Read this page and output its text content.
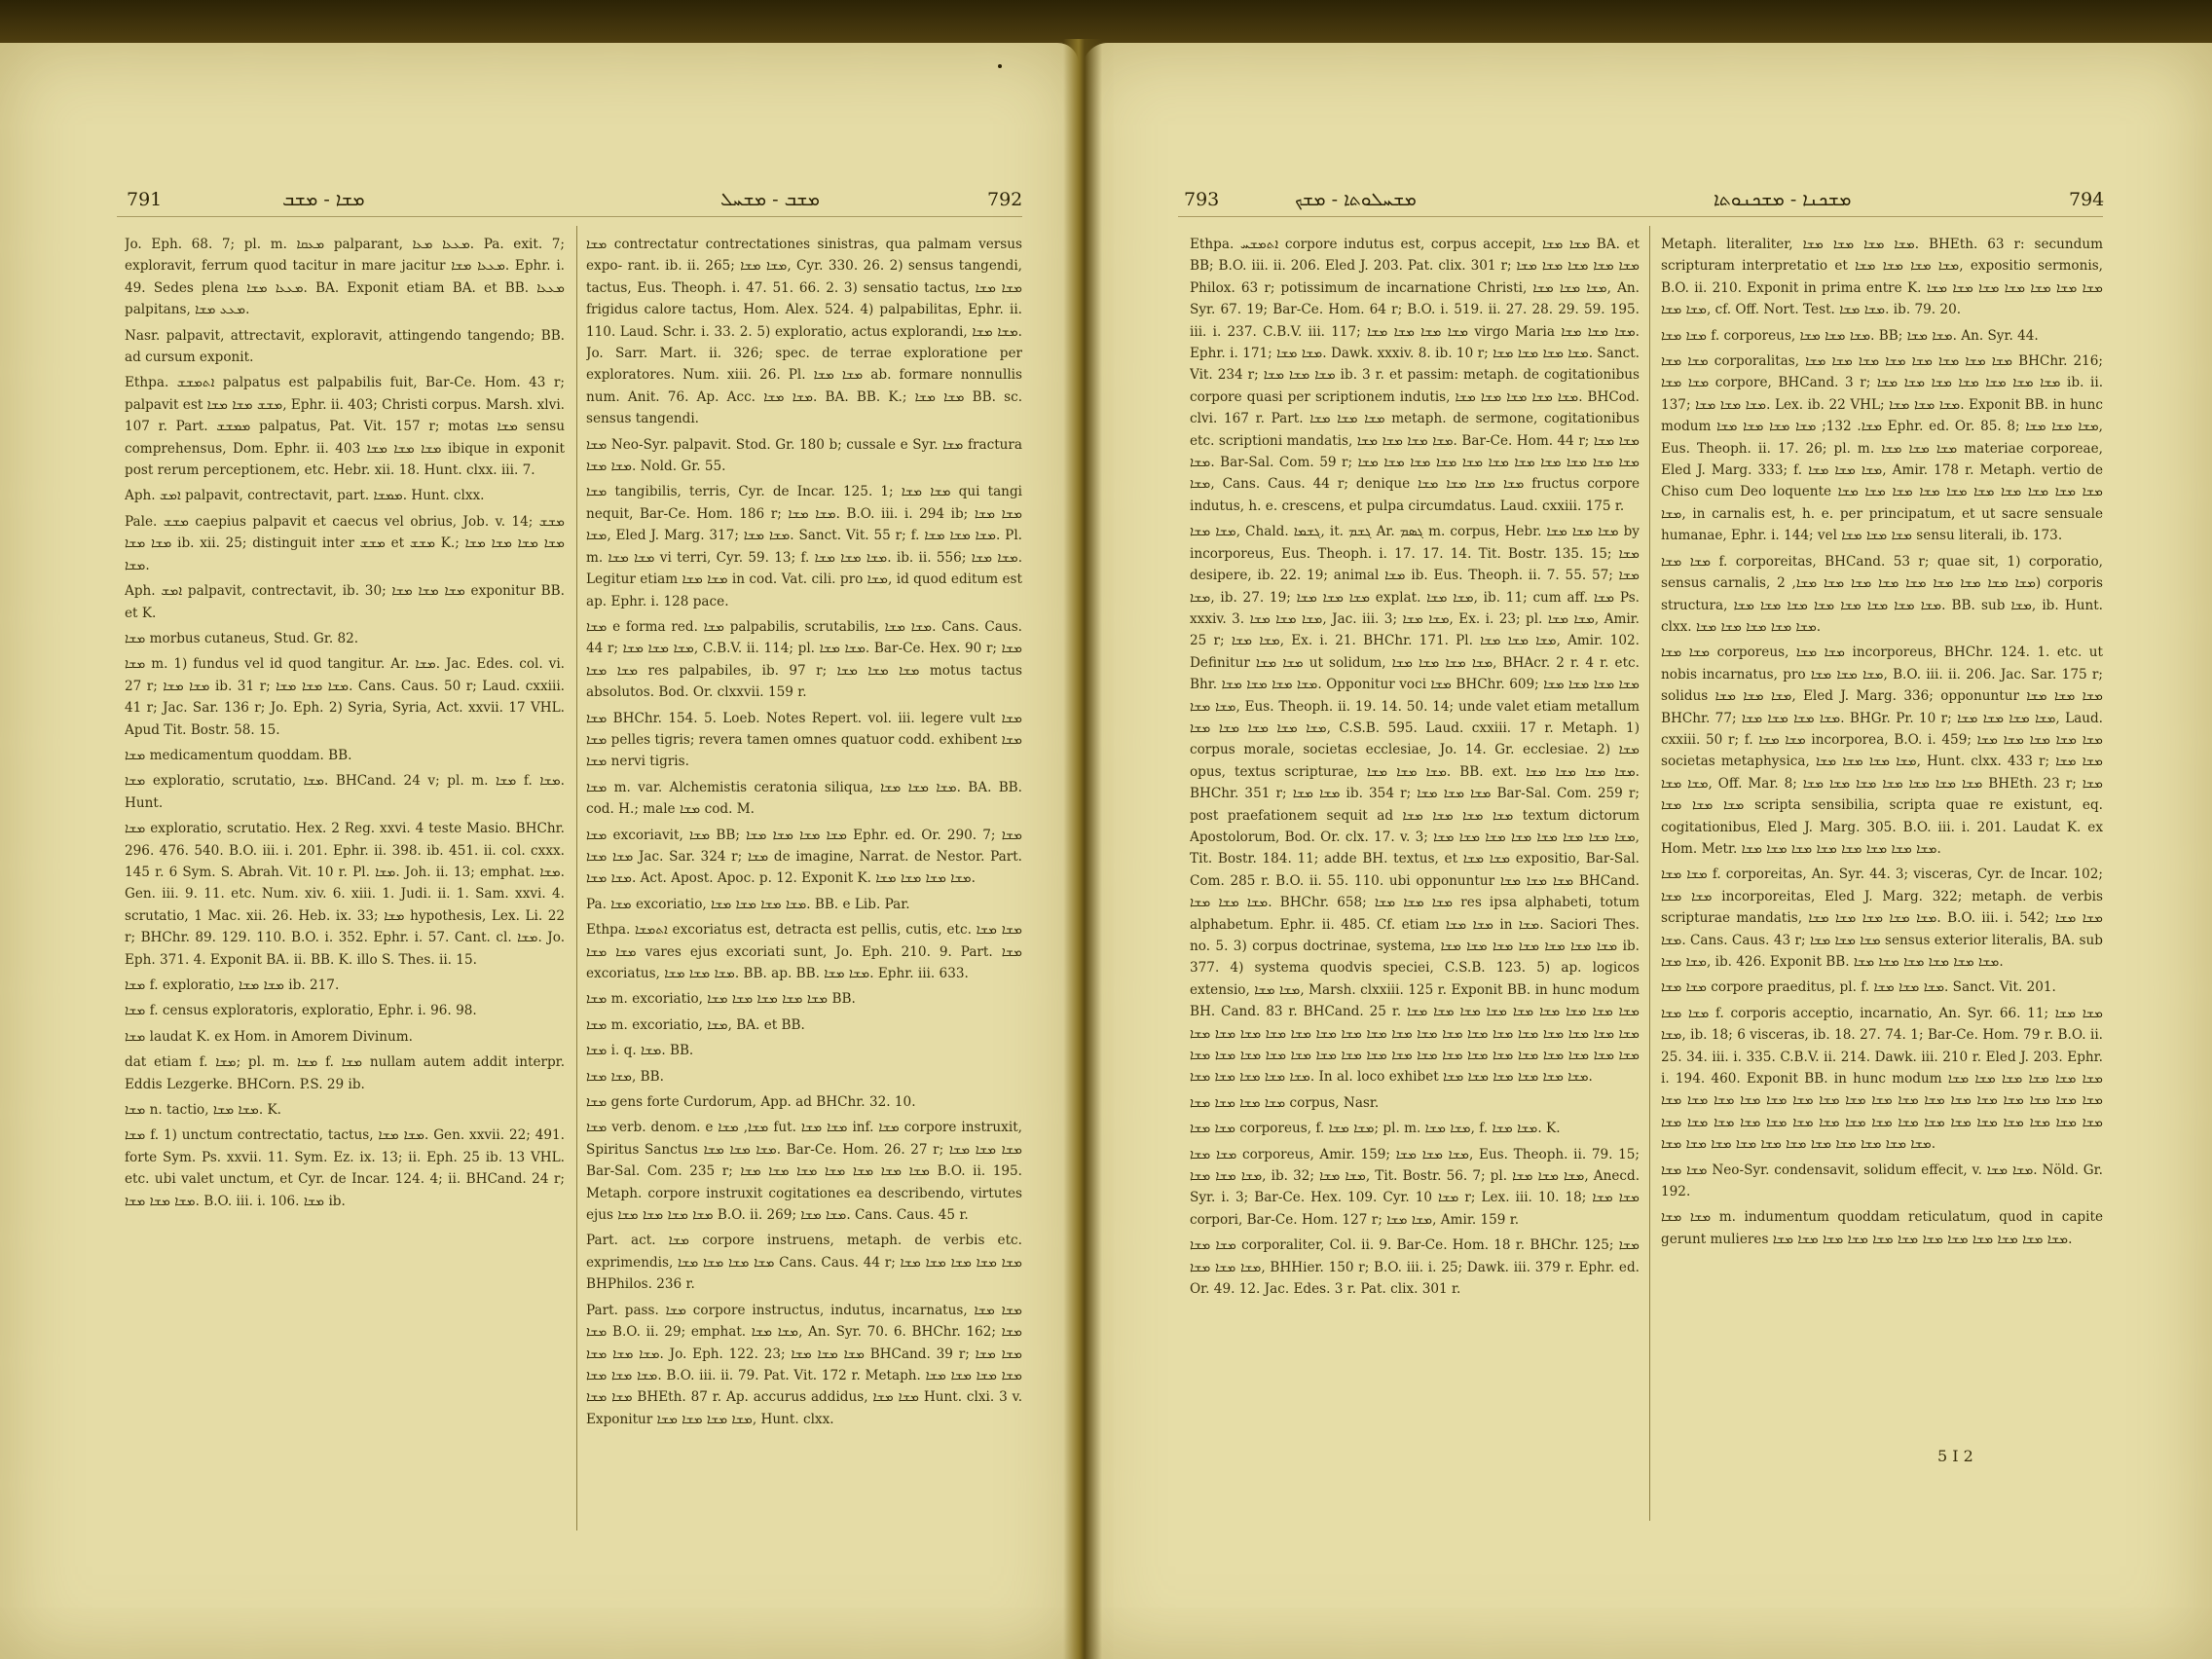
791	ܡܫܐ - ܡܫܒ	ܡܫܒ - ܡܫܚܠ	792	793	ܡܫܚܠܘܬܐ - ܡܫܟ	ܡܫܟܢܐ - ܡܫܟܢܘܬܐ	794

Jo. Eph. 68. 7; pl. m. ܡܥܩܐ palparant, ܡܥܥܐ ܡܥܐ. Pa. exit. 7; exploravit, ferrum quod tacitur in mare jacitur ܡܥܥܐ ܡܫܐ. Ephr. i. 49. Sedes plena ܡܥܥܐ ܡܫܐ. BA. Exponit etiam BA. et BB. ܡܥܥܐ palpitans, ܡܥܥ ܡܫܐ.

Nasr. palpavit, attrectavit, exploravit, attingendo tangendo; BB. ad cursum exponit.

Ethpa. ܐܬܡܫܫ palpatus est palpabilis fuit, Bar-Ce. Hom. 43 r; palpavit est ܡܫܫ ܡܫܐ ܡܫܐ, Ephr. ii. 403; Christi corpus. Marsh. xlvi. 107 r. Part. ܡܡܫܫ palpatus, Pat. Vit. 157 r; motas ܡܫܐ sensu comprehensus, Dom. Ephr. ii. 403 ܡܫܐ ܡܫܐ ܡܫܐ ibique in exponit post rerum perceptionem, etc. Hebr. xii. 18. Hunt. clxx. iii. 7.

Aph. ܐܡܫ palpavit, contrectavit, part. ܡܡܫܐ. Hunt. clxx.

Pale. ܡܫܫ caepius palpavit et caecus vel obrius, Job. v. 14; ܡܫܫ ܡܫܐ ܡܫܐ ib. xii. 25; distinguit inter ܡܫܫ et ܡܫܫ K.; ܡܫܐ ܡܫܐ ܡܫܐ ܡܫܐ ܡܫܐ.

Aph. ܐܡܫ palpavit, contrectavit, ib. 30; ܡܫܐ ܡܫܐ ܡܫܐ exponitur BB. et K.

ܡܫܐ morbus cutaneus, Stud. Gr. 82.

ܡܫܐ m. 1) fundus vel id quod tangitur. Ar. ܡܫܐ. Jac. Edes. col. vi. 27 r; ܡܫܐ ܡܫܐ ib. 31 r; ܡܫܐ ܡܫܐ ܡܫܐ. Cans. Caus. 50 r; Laud. cxxiii. 41 r; Jac. Sar. 136 r; Jo. Eph. 2) Syria, Syria, Act. xxvii. 17 VHL. Apud Tit. Bostr. 58. 15.

ܡܫܐ medicamentum quoddam. BB.

ܡܫܐ exploratio, scrutatio, ܡܫܐ. BHCand. 24 v; pl. m. ܡܫܐ f. ܡܫܐ. Hunt.

ܡܫܐ exploratio, scrutatio. Hex. 2 Reg. xxvi. 4 teste Masio. BHChr. 296. 476. 540. B.O. iii. i. 201. Ephr. ii. 398. ib. 451. ii. col. cxxx. 145 r. 6 Sym. S. Abrah. Vit. 10 r. Pl. ܡܫܐ. Joh. ii. 13; emphat. ܡܫܐ. Gen. iii. 9. 11. etc. Num. xiv. 6. xiii. 1. Judi. ii. 1. Sam. xxvi. 4. scrutatio, 1 Mac. xii. 26. Heb. ix. 33; ܡܫܐ hypothesis, Lex. Li. 22 r; BHChr. 89. 129. 110. B.O. i. 352. Ephr. i. 57. Cant. cl. ܡܫܐ. Jo. Eph. 371. 4. Exponit BA. ii. BB. K. illo S. Thes. ii. 15.

ܡܫܐ f. exploratio, ܡܫܐ ܡܫܐ ib. 217.

ܡܫܐ f. census exploratoris, exploratio, Ephr. i. 96. 98.

ܡܫܐ laudat K. ex Hom. in Amorem Divinum.

dat etiam f. ܡܫܐ; pl. m. ܡܫܐ f. ܡܫܐ nullam autem addit interpr. Eddis Lezgerke. BHCorn. P.S. 29 ib.

ܡܫܐ n. tactio, ܡܫܐ ܡܫܐ. K.

ܡܫܐ f. 1) unctum contrectatio, tactus, ܡܫܐ ܡܫܐ. Gen. xxvii. 22; 491. forte Sym. Ps. xxvii. 11. Sym. Ez. ix. 13; ii. Eph. 25 ib. 13 VHL. etc. ubi valet unctum, et Cyr. de Incar. 124. 4; ii. BHCand. 24 r; ܡܫܐ ܡܫܐ ܡܫܐ. B.O. iii. i. 106. ܡܫܐ ib.

ܡܫܐ contrectatur contrectationes sinistras, qua palmam versus expo- rant. ib. ii. 265; ܡܫܐ ܡܫܐ, Cyr. 330. 26. 2) sensus tangendi, tactus, Eus. Theoph. i. 47. 51. 66. 2. 3) sensatio tactus, ܡܫܐ ܡܫܐ frigidus calore tactus, Hom. Alex. 524. 4) palpabilitas, Ephr. ii. 110. Laud. Schr. i. 33. 2. 5) exploratio, actus explorandi, ܡܫܐ ܡܫܐ. Jo. Sarr. Mart. ii. 326; spec. de terrae exploratione per exploratores. Num. xiii. 26. Pl. ܡܫܐ ܡܫܐ ab. formare nonnullis num. Anit. 76. Ap. Acc. ܡܫܐ ܡܫܐ. BA. BB. K.; ܡܫܐ ܡܫܐ BB. sc. sensus tangendi.

ܡܫܐ Neo-Syr. palpavit. Stod. Gr. 180 b; cussale e Syr. ܡܫܐ fractura ܡܫܐ ܡܫܐ. Nold. Gr. 55.

ܡܫܐ tangibilis, terris, Cyr. de Incar. 125. 1; ܡܫܐ ܡܫܐ qui tangi nequit, Bar-Ce. Hom. 186 r; ܡܫܐ ܡܫܐ. B.O. iii. i. 294 ib; ܡܫܐ ܡܫܐ ܡܫܐ, Eled J. Marg. 317; ܡܫܐ ܡܫܐ. Sanct. Vit. 55 r; f. ܡܫܐ ܡܫܐ ܡܫܐ. Pl. m. ܡܫܐ ܡܫܐ vi terri, Cyr. 59. 13; f. ܡܫܐ ܡܫܐ ܡܫܐ. ib. ii. 556; ܡܫܐ ܡܫܐ. Legitur etiam ܡܫܐ ܡܫܐ in cod. Vat. cili. pro ܡܫܐ, id quod editum est ap. Ephr. i. 128 pace.

ܡܫܐ e forma red. ܡܫܐ palpabilis, scrutabilis, ܡܫܐ ܡܫܐ. Cans. Caus. 44 r; ܡܫܐ ܡܫܐ ܡܫܐ, C.B.V. ii. 114; pl. ܡܫܐ ܡܫܐ. Bar-Ce. Hex. 90 r; ܡܫܐ ܡܫܐ ܡܫܐ res palpabiles, ib. 97 r; ܡܫܐ ܡܫܐ ܡܫܐ motus tactus absolutos. Bod. Or. clxxvii. 159 r.

ܡܫܐ BHChr. 154. 5. Loeb. Notes Repert. vol. iii. legere vult ܡܫܐ ܡܫܐ pelles tigris; revera tamen omnes quatuor codd. exhibent ܡܫܐ ܡܫܐ nervi tigris.

ܡܫܐ m. var. Alchemistis ceratonia siliqua, ܡܫܐ ܡܫܐ ܡܫܐ. BA. BB. cod. H.; male ܡܫܐ cod. M.

ܡܫܐ excoriavit, ܡܫܐ BB; ܡܫܐ ܡܫܐ ܡܫܐ ܡܫܐ Ephr. ed. Or. 290. 7; ܡܫܐ ܡܫܐ ܡܫܐ Jac. Sar. 324 r; ܡܫܐ de imagine, Narrat. de Nestor. Part. ܡܫܐ ܡܫܐ. Act. Apost. Apoc. p. 12. Exponit K. ܡܫܐ ܡܫܐ ܡܫܐ ܡܫܐ.

Pa. ܡܫܐ excoriatio, ܡܫܐ ܡܫܐ ܡܫܐ ܡܫܐ. BB. e Lib. Par.

Ethpa. ܐܬܡܫܐ excoriatus est, detracta est pellis, cutis, etc. ܡܫܐ ܡܫܐ ܡܫܐ ܡܫܐ vares ejus excoriati sunt, Jo. Eph. 210. 9. Part. ܡܫܐ excoriatus, ܡܫܐ ܡܫܐ ܡܫܐ. BB. ap. BB. ܡܫܐ ܡܫܐ. Ephr. iii. 633.

ܡܫܐ m. excoriatio, ܡܫܐ ܡܫܐ ܡܫܐ ܡܫܐ ܡܫܐ BB.

ܡܫܐ m. excoriatio, ܡܫܐ, BA. et BB.

ܡܫܐ i. q. ܡܫܐ. BB.

ܡܫܐ ܡܫܐ, BB.

ܡܫܐ gens forte Curdorum, App. ad BHChr. 32. 10.

ܡܫܐ verb. denom. e ܡܫܐ, ܡܫܐ fut. ܡܫܐ ܡܫܐ inf. ܡܫܐ corpore instruxit, Spiritus Sanctus ܡܫܐ ܡܫܐ ܡܫܐ. Bar-Ce. Hom. 26. 27 r; ܡܫܐ ܡܫܐ ܡܫܐ Bar-Sal. Com. 235 r; ܡܫܐ ܡܫܐ ܡܫܐ ܡܫܐ ܡܫܐ ܡܫܐ ܡܫܐ B.O. ii. 195. Metaph. corpore instruxit cogitationes ea describendo, virtutes ejus ܡܫܐ ܡܫܐ ܡܫܐ ܡܫܐ B.O. ii. 269; ܡܫܐ ܡܫܐ. Cans. Caus. 45 r.

Part. act. ܡܫܐ corpore instruens, metaph. de verbis etc. exprimendis, ܡܫܐ ܡܫܐ ܡܫܐ ܡܫܐ Cans. Caus. 44 r; ܡܫܐ ܡܫܐ ܡܫܐ ܡܫܐ ܡܫܐ BHPhilos. 236 r.

Part. pass. ܡܫܐ corpore instructus, indutus, incarnatus, ܡܫܐ ܡܫܐ ܡܫܐ B.O. ii. 29; emphat. ܡܫܐ ܡܫܐ, An. Syr. 70. 6. BHChr. 162; ܡܫܐ ܡܫܐ ܡܫܐ ܡܫܐ. Jo. Eph. 122. 23; ܡܫܐ ܡܫܐ ܡܫܐ BHCand. 39 r; ܡܫܐ ܡܫܐ ܡܫܐ ܡܫܐ ܡܫܐ. B.O. iii. ii. 79. Pat. Vit. 172 r. Metaph. ܡܫܐ ܡܫܐ ܡܫܐ ܡܫܐ ܡܫܐ ܡܫܐ BHEth. 87 r. Ap. accurus addidus, ܡܫܐ ܡܫܐ Hunt. clxi. 3 v. Exponitur ܡܫܐ ܡܫܐ ܡܫܐ ܡܫܐ, Hunt. clxx.

Ethpa. ܐܬܡܫܚ corpore indutus est, corpus accepit, ܡܫܐ ܡܫܐ BA. et BB; B.O. iii. ii. 206. Eled J. 203. Pat. clix. 301 r; ܡܫܐ ܡܫܐ ܡܫܐ ܡܫܐ ܡܫܐ Philox. 63 r; potissimum de incarnatione Christi, ܡܫܐ ܡܫܐ ܡܫܐ, An. Syr. 67. 19; Bar-Ce. Hom. 64 r; B.O. i. 519. ii. 27. 28. 29. 59. 195. iii. i. 237. C.B.V. iii. 117; ܡܫܐ ܡܫܐ ܡܫܐ ܡܫܐ virgo Maria ܡܫܐ ܡܫܐ ܡܫܐ. Ephr. i. 171; ܡܫܐ ܡܫܐ. Dawk. xxxiv. 8. ib. 10 r; ܡܫܐ ܡܫܐ ܡܫܐ ܡܫܐ. Sanct. Vit. 234 r; ܡܫܐ ܡܫܐ ܡܫܐ ib. 3 r. et passim: metaph. de cogitationibus corpore quasi per scriptionem indutis, ܡܫܐ ܡܫܐ ܡܫܐ ܡܫܐ ܡܫܐ. BHCod. clvi. 167 r. Part. ܡܫܐ ܡܫܐ ܡܫܐ metaph. de sermone, cogitationibus etc. scriptioni mandatis, ܡܫܐ ܡܫܐ ܡܫܐ ܡܫܐ. Bar-Ce. Hom. 44 r; ܡܫܐ ܡܫܐ ܡܫܐ. Bar-Sal. Com. 59 r; ܡܫܐ ܡܫܐ ܡܫܐ ܡܫܐ ܡܫܐ ܡܫܐ ܡܫܐ ܡܫܐ ܡܫܐ ܡܫܐ ܡܫܐ ܡܫܐ, Cans. Caus. 44 r; denique ܡܫܐ ܡܫܐ ܡܫܐ ܡܫܐ fructus corpore indutus, h. e. crescens, et pulpa circumdatus. Laud. cxxiii. 175 r.

ܡܫܐ ܡܫܐ, Chald. ܓܫܡܐ, it. ܓܫܡ Ar. ܓܣܡ m. corpus, Hebr. ܡܫܐ ܡܫܐ ܡܫܐ by incorporeus, Eus. Theoph. i. 17. 17. 14. Tit. Bostr. 135. 15; ܡܫܐ desipere, ib. 22. 19; animal ܡܫܐ ib. Eus. Theoph. ii. 7. 55. 57; ܡܫܐ ܡܫܐ, ib. 27. 19; ܡܫܐ ܡܫܐ ܡܫܐ explat. ܡܫܐ ܡܫܐ, ib. 11; cum aff. ܡܫܐ Ps. xxxiv. 3. ܡܫܐ ܡܫܐ ܡܫܐ, Jac. iii. 3; ܡܫܐ ܡܫܐ, Ex. i. 23; pl. ܡܫܐ ܡܫܐ, Amir. 25 r; ܡܫܐ ܡܫܐ, Ex. i. 21. BHChr. 171. Pl. ܡܫܐ ܡܫܐ ܡܫܐ, Amir. 102. Definitur ܡܫܐ ܡܫܐ ut solidum, ܡܫܐ ܡܫܐ ܡܫܐ ܡܫܐ, BHAcr. 2 r. 4 r. etc. Bhr. ܡܫܐ ܡܫܐ ܡܫܐ ܡܫܐ. Opponitur voci ܡܫܐ BHChr. 609; ܡܫܐ ܡܫܐ ܡܫܐ ܡܫܐ ܡܫܐ ܡܫܐ, Eus. Theoph. ii. 19. 14. 50. 14; unde valet etiam metallum ܡܫܐ ܡܫܐ ܡܫܐ ܡܫܐ ܡܫܐ, C.S.B. 595. Laud. cxxiii. 17 r. Metaph. 1) corpus morale, societas ecclesiae, Jo. 14. Gr. ecclesiae. 2) ܡܫܐ opus, textus scripturae, ܡܫܐ ܡܫܐ ܡܫܐ. BB. ext. ܡܫܐ ܡܫܐ ܡܫܐ ܡܫܐ. BHChr. 351 r; ܡܫܐ ܡܫܐ ib. 354 r; ܡܫܐ ܡܫܐ ܡܫܐ Bar-Sal. Com. 259 r; post praefationem sequit ad ܡܫܐ ܡܫܐ ܡܫܐ ܡܫܐ textum dictorum Apostolorum, Bod. Or. clx. 17. v. 3; ܡܫܐ ܡܫܐ ܡܫܐ ܡܫܐ ܡܫܐ ܡܫܐ ܡܫܐ ܡܫܐ, Tit. Bostr. 184. 11; adde BH. textus, et ܡܫܐ ܡܫܐ expositio, Bar-Sal. Com. 285 r. B.O. ii. 55. 110. ubi opponuntur ܡܫܐ ܡܫܐ ܡܫܐ BHCand. ܡܫܐ ܡܫܐ ܡܫܐ. BHChr. 658; ܡܫܐ ܡܫܐ ܡܫܐ res ipsa alphabeti, totum alphabetum. Ephr. ii. 485. Cf. etiam ܡܫܐ ܡܫܐ in ܡܫܐ. Saciori Thes. no. 5. 3) corpus doctrinae, systema, ܡܫܐ ܡܫܐ ܡܫܐ ܡܫܐ ܡܫܐ ܡܫܐ ܡܫܐ ib. 377. 4) systema quodvis speciei, C.S.B. 123. 5) ap. logicos extensio, ܡܫܐ ܡܫܐ, Marsh. clxxiii. 125 r. Exponit BB. in hunc modum BH. Cand. 83 r. BHCand. 25 r. ܡܫܐ ܡܫܐ ܡܫܐ ܡܫܐ ܡܫܐ ܡܫܐ ܡܫܐ ܡܫܐ ܡܫܐ ܡܫܐ ܡܫܐ ܡܫܐ ܡܫܐ ܡܫܐ ܡܫܐ ܡܫܐ ܡܫܐ ܡܫܐ ܡܫܐ ܡܫܐ ܡܫܐ ܡܫܐ ܡܫܐ ܡܫܐ ܡܫܐ ܡܫܐ ܡܫܐ ܡܫܐ ܡܫܐ ܡܫܐ ܡܫܐ ܡܫܐ ܡܫܐ ܡܫܐ ܡܫܐ ܡܫܐ ܡܫܐ ܡܫܐ ܡܫܐ ܡܫܐ ܡܫܐ ܡܫܐ ܡܫܐ ܡܫܐ ܡܫܐ ܡܫܐ ܡܫܐ ܡܫܐ ܡܫܐ ܡܫܐ. In al. loco exhibet ܡܫܐ ܡܫܐ ܡܫܐ ܡܫܐ ܡܫܐ ܡܫܐ.

ܡܫܐ ܡܫܐ ܡܫܐ ܡܫܐ corpus, Nasr.

ܡܫܐ ܡܫܐ corporeus, f. ܡܫܐ ܡܫܐ; pl. m. ܡܫܐ ܡܫܐ, f. ܡܫܐ ܡܫܐ. K.

ܡܫܐ ܡܫܐ corporeus, Amir. 159; ܡܫܐ ܡܫܐ ܡܫܐ, Eus. Theoph. ii. 79. 15; ܡܫܐ ܡܫܐ ܡܫܐ, ib. 32; ܡܫܐ ܡܫܐ, Tit. Bostr. 56. 7; pl. ܡܫܐ ܡܫܐ ܡܫܐ, Anecd. Syr. i. 3; Bar-Ce. Hex. 109. Cyr. ܡܫܐ 10 r; Lex. iii. 10. 18; ܡܫܐ ܡܫܐ corpori, Bar-Ce. Hom. 127 r; ܡܫܐ ܡܫܐ, Amir. 159 r.

ܡܫܐ ܡܫܐ corporaliter, Col. ii. 9. Bar-Ce. Hom. 18 r. BHChr. 125; ܡܫܐ ܡܫܐ ܡܫܐ ܡܫܐ, BHHier. 150 r; B.O. iii. i. 25; Dawk. iii. 379 r. Ephr. ed. Or. 49. 12. Jac. Edes. 3 r. Pat. clix. 301 r.

Metaph. literaliter, ܡܫܐ ܡܫܐ ܡܫܐ ܡܫܐ. BHEth. 63 r: secundum scripturam interpretatio et ܡܫܐ ܡܫܐ ܡܫܐ ܡܫܐ, expositio sermonis, B.O. ii. 210. Exponit in prima entre K. ܡܫܐ ܡܫܐ ܡܫܐ ܡܫܐ ܡܫܐ ܡܫܐ ܡܫܐ ܡܫܐ ܡܫܐ, cf. Off. Nort. Test. ܡܫܐ ܡܫܐ. ib. 79. 20.

ܡܫܐ ܡܫܐ f. corporeus, ܡܫܐ ܡܫܐ ܡܫܐ. BB; ܡܫܐ ܡܫܐ. An. Syr. 44.

ܡܫܐ ܡܫܐ corporalitas, ܡܫܐ ܡܫܐ ܡܫܐ ܡܫܐ ܡܫܐ ܡܫܐ ܡܫܐ ܡܫܐ BHChr. 216; ܡܫܐ ܡܫܐ corpore, BHCand. 3 r; ܡܫܐ ܡܫܐ ܡܫܐ ܡܫܐ ܡܫܐ ܡܫܐ ܡܫܐ ib. ii. 137; ܡܫܐ ܡܫܐ ܡܫܐ. Lex. ib. 22 VHL; ܡܫܐ ܡܫܐ ܡܫܐ. Exponit BB. in hunc modum ܡܫܐ. 132; ܡܫܐ ܡܫܐ ܡܫܐ ܡܫܐ Ephr. ed. Or. 85. 8; ܡܫܐ ܡܫܐ ܡܫܐ, Eus. Theoph. ii. 17. 26; pl. m. ܡܫܐ ܡܫܐ ܡܫܐ materiae corporeae, Eled J. Marg. 333; f. ܡܫܐ ܡܫܐ ܡܫܐ, Amir. 178 r. Metaph. vertio de Chiso cum Deo loquente ܡܫܐ ܡܫܐ ܡܫܐ ܡܫܐ ܡܫܐ ܡܫܐ ܡܫܐ ܡܫܐ ܡܫܐ ܡܫܐ ܡܫܐ, in carnalis est, h. e. per principatum, et ut sacre sensuale humanae, Ephr. i. 144; vel ܡܫܐ ܡܫܐ ܡܫܐ sensu literali, ib. 173.

ܡܫܐ ܡܫܐ f. corporeitas, BHCand. 53 r; quae sit, 1) corporatio, sensus carnalis, ܡܫܐ ܡܫܐ ܡܫܐ ܡܫܐ ܡܫܐ ܡܫܐ ܡܫܐ ܡܫܐ ܡܫܐ, 2) corporis structura, ܡܫܐ ܡܫܐ ܡܫܐ ܡܫܐ ܡܫܐ ܡܫܐ ܡܫܐ ܡܫܐ. BB. sub ܡܫܐ, ib. Hunt. clxx. ܡܫܐ ܡܫܐ ܡܫܐ ܡܫܐ ܡܫܐ.

ܡܫܐ ܡܫܐ corporeus, ܡܫܐ ܡܫܐ incorporeus, BHChr. 124. 1. etc. ut nobis incarnatus, pro ܡܫܐ ܡܫܐ ܡܫܐ, B.O. iii. ii. 206. Jac. Sar. 175 r; solidus ܡܫܐ ܡܫܐ ܡܫܐ, Eled J. Marg. 336; opponuntur ܡܫܐ ܡܫܐ ܡܫܐ BHChr. 77; ܡܫܐ ܡܫܐ ܡܫܐ ܡܫܐ. BHGr. Pr. 10 r; ܡܫܐ ܡܫܐ ܡܫܐ ܡܫܐ, Laud. cxxiii. 50 r; f. ܡܫܐ ܡܫܐ incorporea, B.O. i. 459; ܡܫܐ ܡܫܐ ܡܫܐ ܡܫܐ ܡܫܐ societas metaphysica, ܡܫܐ ܡܫܐ ܡܫܐ ܡܫܐ, Hunt. clxx. 433 r; ܡܫܐ ܡܫܐ ܡܫܐ ܡܫܐ, Off. Mar. 8; ܡܫܐ ܡܫܐ ܡܫܐ ܡܫܐ ܡܫܐ ܡܫܐ ܡܫܐ BHEth. 23 r; ܡܫܐ ܡܫܐ ܡܫܐ ܡܫܐ scripta sensibilia, scripta quae re existunt, eq. cogitationibus, Eled J. Marg. 305. B.O. iii. i. 201. Laudat K. ex Hom. Metr. ܡܫܐ ܡܫܐ ܡܫܐ ܡܫܐ ܡܫܐ ܡܫܐ ܡܫܐ ܡܫܐ.

ܡܫܐ ܡܫܐ f. corporeitas, An. Syr. 44. 3; visceras, Cyr. de Incar. 102; ܡܫܐ ܡܫܐ incorporeitas, Eled J. Marg. 322; metaph. de verbis scripturae mandatis, ܡܫܐ ܡܫܐ ܡܫܐ ܡܫܐ ܡܫܐ. B.O. iii. i. 542; ܡܫܐ ܡܫܐ ܡܫܐ. Cans. Caus. 43 r; ܡܫܐ ܡܫܐ ܡܫܐ sensus exterior literalis, BA. sub ܡܫܐ ܡܫܐ, ib. 426. Exponit BB. ܡܫܐ ܡܫܐ ܡܫܐ ܡܫܐ ܡܫܐ ܡܫܐ.

ܡܫܐ ܡܫܐ corpore praeditus, pl. f. ܡܫܐ ܡܫܐ ܡܫܐ. Sanct. Vit. 201.

ܡܫܐ ܡܫܐ f. corporis acceptio, incarnatio, An. Syr. 66. 11; ܡܫܐ ܡܫܐ ܡܫܐ, ib. 18; 6 visceras, ib. 18. 27. 74. 1; Bar-Ce. Hom. 79 r. B.O. ii. 25. 34. iii. i. 335. C.B.V. ii. 214. Dawk. iii. 210 r. Eled J. 203. Ephr. i. 194. 460. Exponit BB. in hunc modum ܡܫܐ ܡܫܐ ܡܫܐ ܡܫܐ ܡܫܐ ܡܫܐ ܡܫܐ ܡܫܐ ܡܫܐ ܡܫܐ ܡܫܐ ܡܫܐ ܡܫܐ ܡܫܐ ܡܫܐ ܡܫܐ ܡܫܐ ܡܫܐ ܡܫܐ ܡܫܐ ܡܫܐ ܡܫܐ ܡܫܐ ܡܫܐ ܡܫܐ ܡܫܐ ܡܫܐ ܡܫܐ ܡܫܐ ܡܫܐ ܡܫܐ ܡܫܐ ܡܫܐ ܡܫܐ ܡܫܐ ܡܫܐ ܡܫܐ ܡܫܐ ܡܫܐ ܡܫܐ ܡܫܐ ܡܫܐ ܡܫܐ ܡܫܐ ܡܫܐ ܡܫܐ ܡܫܐ ܡܫܐ ܡܫܐ ܡܫܐ ܡܫܐ.

ܡܫܐ ܡܫܐ Neo-Syr. condensavit, solidum effecit, v. ܡܫܐ ܡܫܐ. Nöld. Gr. 192.

ܡܫܐ ܡܫܐ m. indumentum quoddam reticulatum, quod in capite gerunt mulieres ܡܫܐ ܡܫܐ ܡܫܐ ܡܫܐ ܡܫܐ ܡܫܐ ܡܫܐ ܡܫܐ ܡܫܐ ܡܫܐ ܡܫܐ ܡܫܐ.

5 I 2
